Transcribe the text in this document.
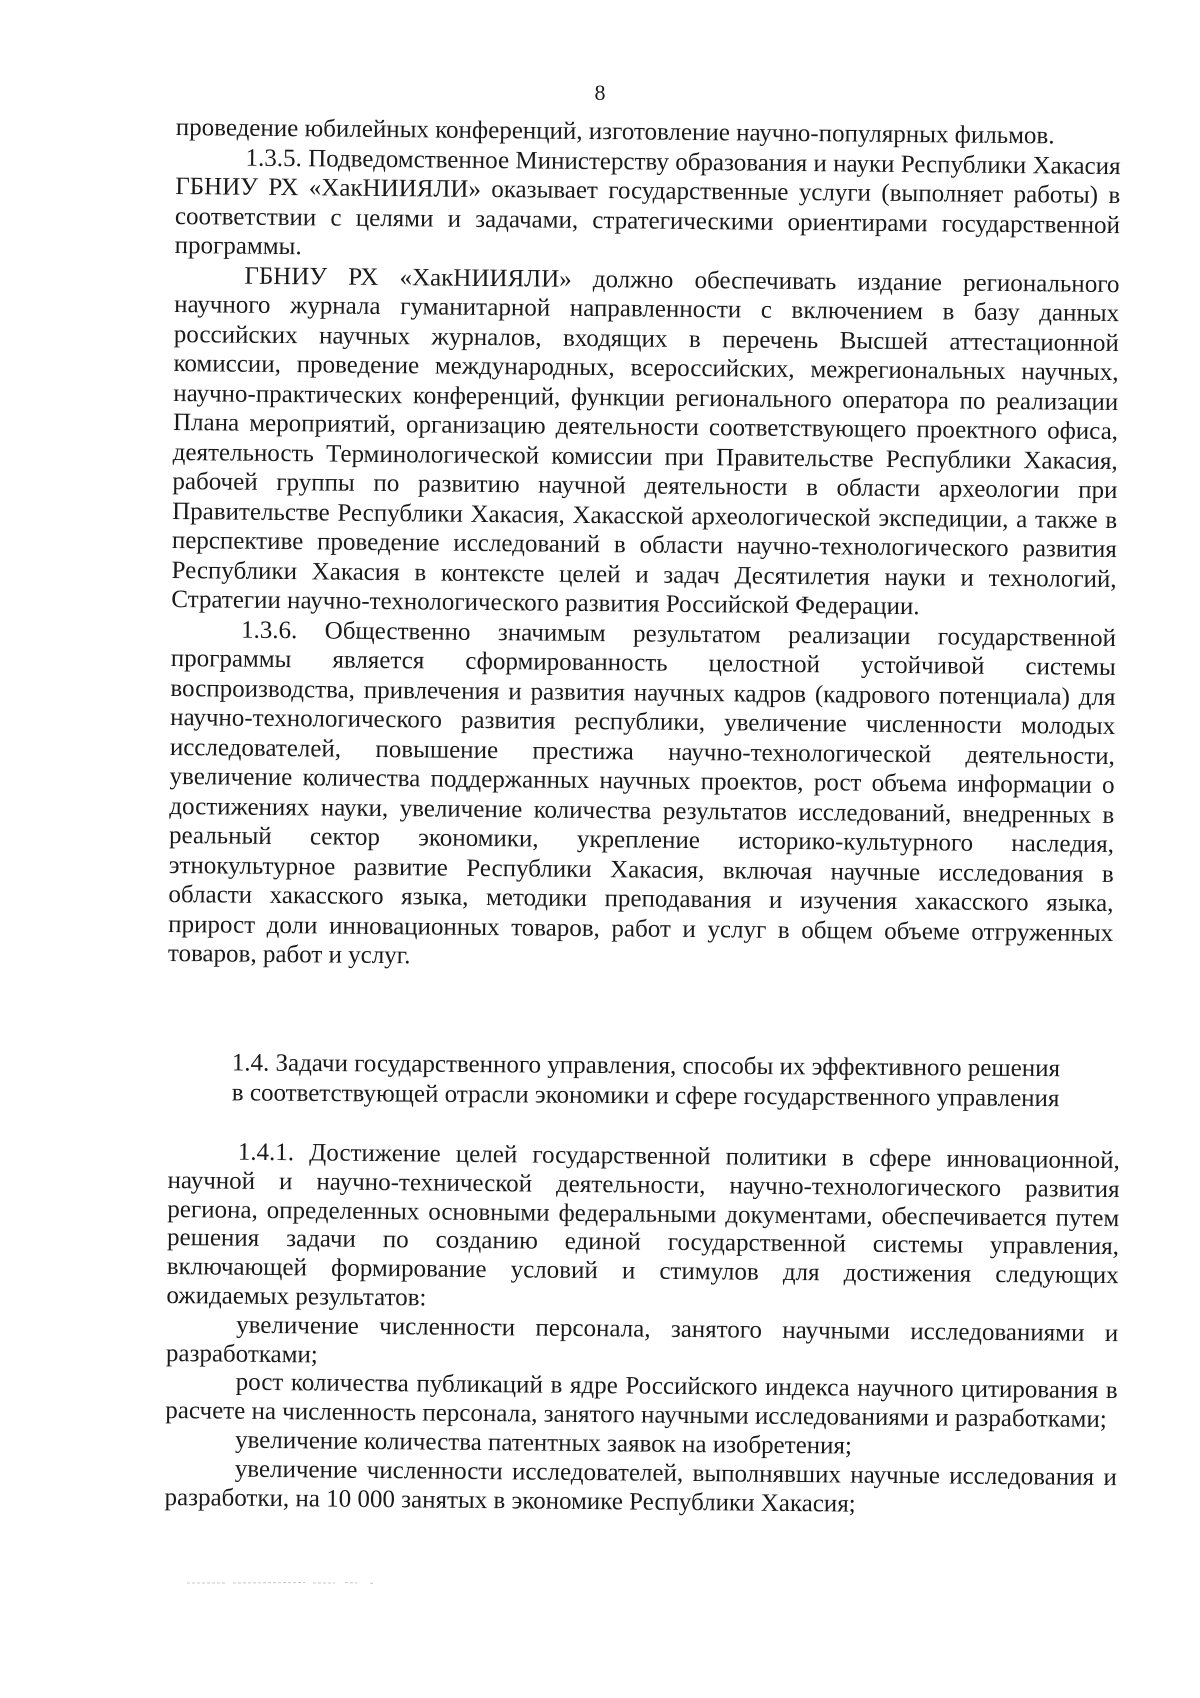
8

проведение юбилейных конференций, изготовление научно-популярных фильмов.

1.3.5. Подведомственное Министерству образования и науки Республики Хакасия ГБНИУ РХ «ХакНИИЯЛИ» оказывает государственные услуги (выполняет работы) в соответствии с целями и задачами, стратегическими ориентирами государственной программы.

ГБНИУ РХ «ХакНИИЯЛИ» должно обеспечивать издание регионального научного журнала гуманитарной направленности с включением в базу данных российских научных журналов, входящих в перечень Высшей аттестационной комиссии, проведение международных, всероссийских, межрегиональных научных, научно-практических конференций, функции регионального оператора по реализации Плана мероприятий, организацию деятельности соответствующего проектного офиса, деятельность Терминологической комиссии при Правительстве Республики Хакасия, рабочей группы по развитию научной деятельности в области археологии при Правительстве Республики Хакасия, Хакасской археологической экспедиции, а также в перспективе проведение исследований в области научно-технологического развития Республики Хакасия в контексте целей и задач Десятилетия науки и технологий, Стратегии научно-технологического развития Российской Федерации.

1.3.6. Общественно значимым результатом реализации государственной программы является сформированность целостной устойчивой системы воспроизводства, привлечения и развития научных кадров (кадрового потенциала) для научно-технологического развития республики, увеличение численности молодых исследователей, повышение престижа научно-технологической деятельности, увеличение количества поддержанных научных проектов, рост объема информации о достижениях науки, увеличение количества результатов исследований, внедренных в реальный сектор экономики, укрепление историко-культурного наследия, этнокультурное развитие Республики Хакасия, включая научные исследования в области хакасского языка, методики преподавания и изучения хакасского языка, прирост доли инновационных товаров, работ и услуг в общем объеме отгруженных товаров, работ и услуг.

1.4. Задачи государственного управления, способы их эффективного решения
в соответствующей отрасли экономики и сфере государственного управления

1.4.1. Достижение целей государственной политики в сфере инновационной, научной и научно-технической деятельности, научно-технологического развития региона, определенных основными федеральными документами, обеспечивается путем решения задачи по созданию единой государственной системы управления, включающей формирование условий и стимулов для достижения следующих ожидаемых результатов:

увеличение численности персонала, занятого научными исследованиями и разработками;

рост количества публикаций в ядре Российского индекса научного цитирования в расчете на численность персонала, занятого научными исследованиями и разработками;

увеличение количества патентных заявок на изобретения;

увеличение численности исследователей, выполнявших научные исследования и разработки, на 10 000 занятых в экономике Республики Хакасия;
